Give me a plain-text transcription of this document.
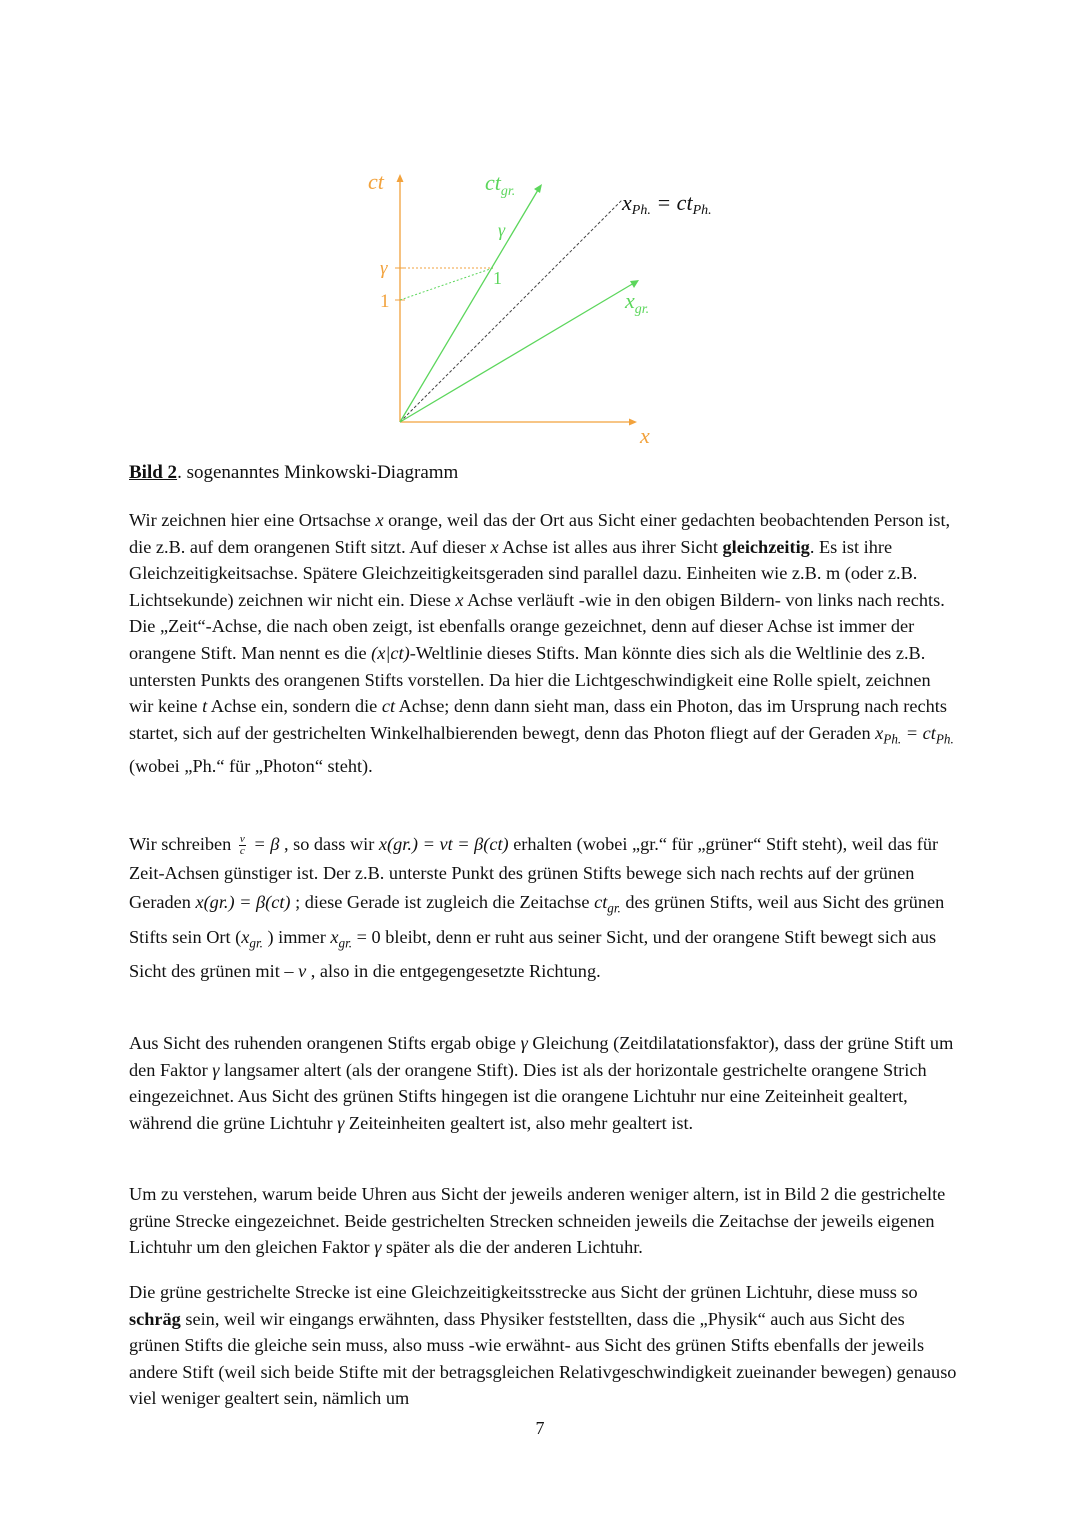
ct
γ
1
$ct_{gr.}$
γ
1
xPh. = ctPh.
$x_{gr.}$
x
Bild 2. sogenanntes Minkowski-Diagramm

Wir zeichnen hier eine Ortsachse x orange, weil das der Ort aus Sicht einer gedachten beobachtenden Person ist, die z.B. auf dem orangenen Stift sitzt. Auf dieser x Achse ist alles aus ihrer Sicht gleichzeitig. Es ist ihre Gleichzeitigkeitsachse. Spätere Gleichzeitigkeitsgeraden sind parallel dazu. Einheiten wie z.B. m (oder z.B. Lichtsekunde) zeichnen wir nicht ein. Diese x Achse verläuft -wie in den obigen Bildern- von links nach rechts. Die „Zeit“-Achse, die nach oben zeigt, ist ebenfalls orange gezeichnet, denn auf dieser Achse ist immer der orangene Stift. Man nennt es die (x|ct)-Weltlinie dieses Stifts. Man könnte dies sich als die Weltlinie des z.B. untersten Punkts des orangenen Stifts vorstellen. Da hier die Lichtgeschwindigkeit eine Rolle spielt, zeichnen wir keine t Achse ein, sondern die ct Achse; denn dann sieht man, dass ein Photon, das im Ursprung nach rechts startet, sich auf der gestrichelten Winkelhalbierenden bewegt, denn das Photon fliegt auf der Geraden $x_{Ph.} = ct_{Ph.}$ (wobei „Ph.“ für „Photon“ steht).

Wir schreiben $\frac{v}{c} = \beta$ , so dass wir x(gr.) = vt = β(ct) erhalten (wobei „gr.“ für „grüner“ Stift steht), weil das für Zeit-Achsen günstiger ist. Der z.B. unterste Punkt des grünen Stifts bewege sich nach rechts auf der grünen Geraden x(gr.) = β(ct) ; diese Gerade ist zugleich die Zeitachse $ct_{gr.}$ des grünen Stifts, weil aus Sicht des grünen Stifts sein Ort ($x_{gr.}$ ) immer $x_{gr.} = 0$ bleibt, denn er ruht aus seiner Sicht, und der orangene Stift bewegt sich aus Sicht des grünen mit – v , also in die entgegengesetzte Richtung.

Aus Sicht des ruhenden orangenen Stifts ergab obige γ Gleichung (Zeitdilatationsfaktor), dass der grüne Stift um den Faktor γ langsamer altert (als der orangene Stift). Dies ist als der horizontale gestrichelte orangene Strich eingezeichnet. Aus Sicht des grünen Stifts hingegen ist die orangene Lichtuhr nur eine Zeiteinheit gealtert, während die grüne Lichtuhr γ Zeiteinheiten gealtert ist, also mehr gealtert ist.

Um zu verstehen, warum beide Uhren aus Sicht der jeweils anderen weniger altern, ist in Bild 2 die gestrichelte grüne Strecke eingezeichnet. Beide gestrichelten Strecken schneiden jeweils die Zeitachse der jeweils eigenen Lichtuhr um den gleichen Faktor γ später als die der anderen Lichtuhr.

Die grüne gestrichelte Strecke ist eine Gleichzeitigkeitsstrecke aus Sicht der grünen Lichtuhr, diese muss so schräg sein, weil wir eingangs erwähnten, dass Physiker feststellten, dass die „Physik“ auch aus Sicht des grünen Stifts die gleiche sein muss, also muss -wie erwähnt- aus Sicht des grünen Stifts ebenfalls der jeweils andere Stift (weil sich beide Stifte mit der betragsgleichen Relativgeschwindigkeit zueinander bewegen) genauso viel weniger gealtert sein, nämlich um

7
